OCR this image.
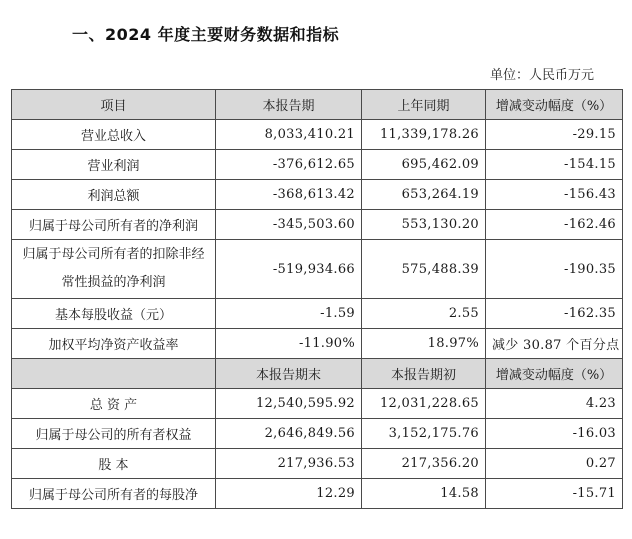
一、2024 年度主要财务数据和指标
单位：人民币万元
项目	本报告期	上年同期	增减变动幅度（%）
营业总收入	8,033,410.21	11,339,178.26	-29.15
营业利润	-376,612.65	695,462.09	-154.15
利润总额	-368,613.42	653,264.19	-156.43
归属于母公司所有者的净利润	-345,503.60	553,130.20	-162.46
归属于母公司所有者的扣除非经常性损益的净利润	-519,934.66	575,488.39	-190.35
基本每股收益（元）	-1.59	2.55	-162.35
加权平均净资产收益率	-11.90%	18.97%	减少 30.87 个百分点
	本报告期末	本报告期初	增减变动幅度（%）
总 资 产	12,540,595.92	12,031,228.65	4.23
归属于母公司的所有者权益	2,646,849.56	3,152,175.76	-16.03
股 本	217,936.53	217,356.20	0.27
归属于母公司所有者的每股净	12.29	14.58	-15.71
